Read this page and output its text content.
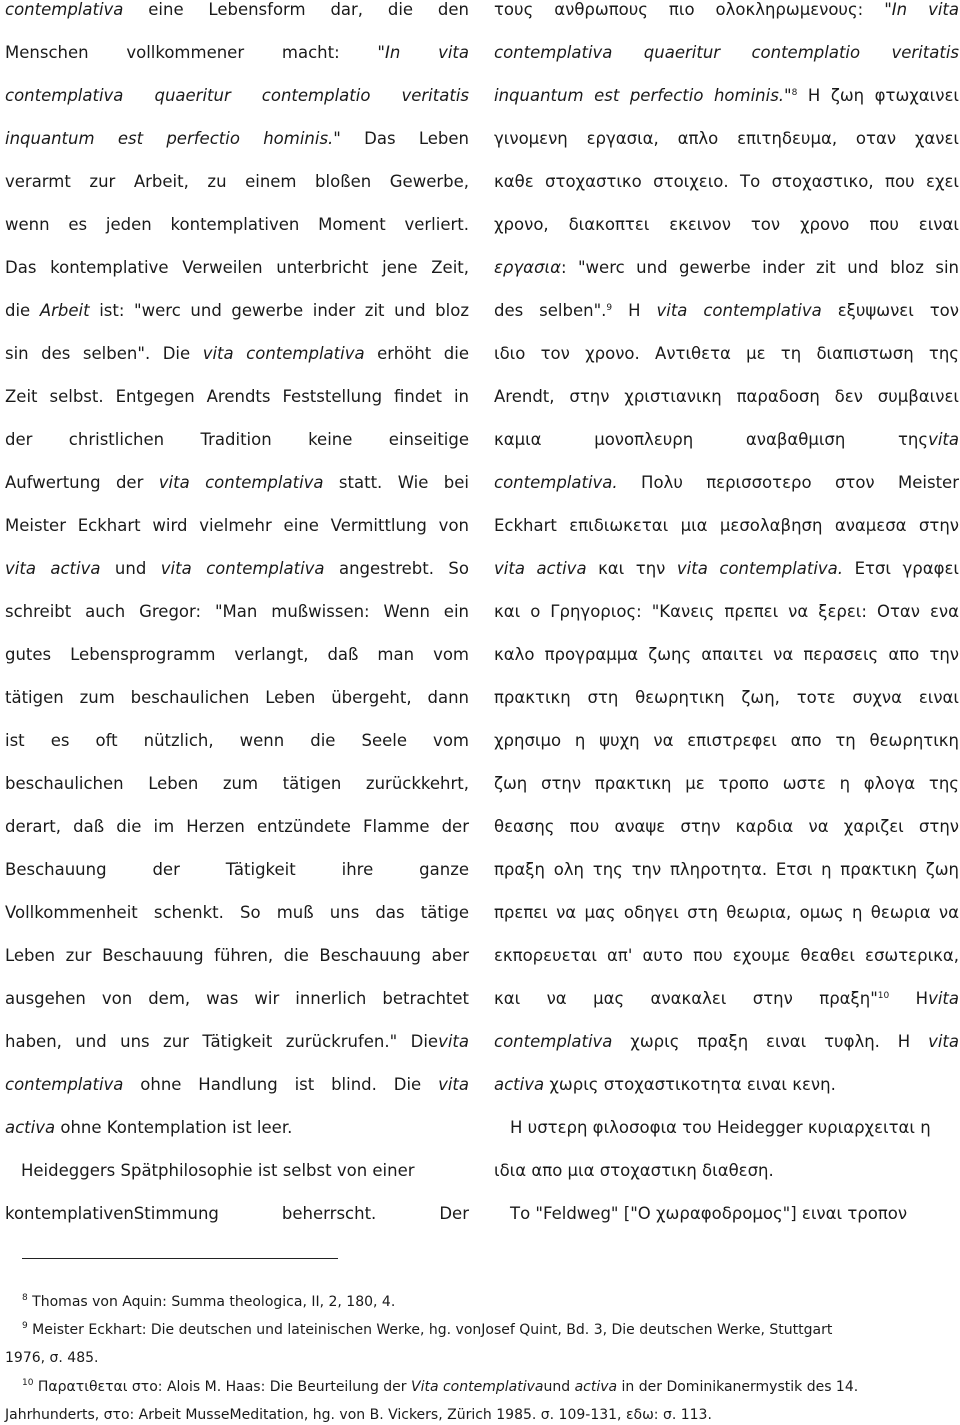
contemplativa eine Lebensform dar, die den
Menschen vollkommener macht: "In vita
contemplativa quaeritur contemplatio veritatis
inquantum est perfectio hominis." Das Leben
verarmt zur Arbeit, zu einem bloßen Gewerbe,
wenn es jeden kontemplativen Moment verliert.
Das kontemplative Verweilen unterbricht jene Zeit,
die Arbeit ist: "werc und gewerbe inder zit und bloz
sin des selben". Die vita contemplativa erhöht die
Zeit selbst. Entgegen Arendts Feststellung findet in
der christlichen Tradition keine einseitige
Aufwertung der vita contemplativa statt. Wie bei
Meister Eckhart wird vielmehr eine Vermittlung von
vita activa und vita contemplativa angestrebt. So
schreibt auch Gregor: "Man mußwissen: Wenn ein
gutes Lebensprogramm verlangt, daß man vom
tätigen zum beschaulichen Leben übergeht, dann
ist es oft nützlich, wenn die Seele vom
beschaulichen Leben zum tätigen zurückkehrt,
derart, daß die im Herzen entzündete Flamme der
Beschauung der Tätigkeit ihre ganze
Vollkommenheit schenkt. So muß uns das tätige
Leben zur Beschauung führen, die Beschauung aber
ausgehen von dem, was wir innerlich betrachtet
haben, und uns zur Tätigkeit zurückrufen." Dievita
contemplativa ohne Handlung ist blind. Die vita
activa ohne Kontemplation ist leer.
Heideggers Spätphilosophie ist selbst von einer
kontemplativenStimmung beherrscht. Der
τους ανθρωπους πιο ολοκληρωμενους: "In vita
contemplativa quaeritur contemplatio veritatis
inquantum est perfectio hominis."$^8$ Η ζωη φτωχαινει
γινομενη εργασια, απλο επιτηδευμα, οταν χανει
καθε στοχαστικο στοιχειο. Το στοχαστικο, που εχει
χρονο, διακοπτει εκεινον τον χρονο που ειναι
εργασια: "werc und gewerbe inder zit und bloz sin
des selben".$^9$ Η vita contemplativa εξυψωνει τον
ιδιο τον χρονο. Αντιθετα με τη διαπιστωση της
Arendt, στην χριστιανικη παραδοση δεν συμβαινει
καμια μονοπλευρη αναβαθμιση τηςvita
contemplativa. Πολυ περισσοτερο στον Meister
Eckhart επιδιωκεται μια μεσολαβηση αναμεσα στην
vita activa και την vita contemplativa. Ετσι γραφει
και ο Γρηγοριος: "Κανεις πρεπει να ξερει: Οταν ενα
καλο προγραμμα ζωης απαιτει να περασεις απο την
πρακτικη στη θεωρητικη ζωη, τοτε συχνα ειναι
χρησιμο η ψυχη να επιστρεφει απο τη θεωρητικη
ζωη στην πρακτικη με τροπο ωστε η φλογα της
θεασης που αναψε στην καρδια να χαριζει στην
πραξη ολη της την πληροτητα. Ετσι η πρακτικη ζωη
πρεπει να μας οδηγει στη θεωρια, ομως η θεωρια να
εκπορευεται απ' αυτο που εχουμε θεαθει εσωτερικα,
και να μας ανακαλει στην πραξη"$^{10}$ Ηvita
contemplativa χωρις πραξη ειναι τυφλη. Η vita
activa χωρις στοχαστικοτητα ειναι κενη.
Η υστερη φιλοσοφια του Heidegger κυριαρχειται η
ιδια απο μια στοχαστικη διαθεση.
Το "Feldweg" ["Ο χωραφοδρομος"] ειναι τροπον
$^8$ Thomas von Aquin: Summa theologica, II, 2, 180, 4.
$^9$ Meister Eckhart: Die deutschen und lateinischen Werke, hg. vonJosef Quint, Bd. 3, Die deutschen Werke, Stuttgart
1976, σ. 485.
$^{10}$ Παρατιθεται στο: Alois M. Haas: Die Beurteilung der Vita contemplativaund activa in der Dominikanermystik des 14.
Jahrhunderts, στο: Arbeit MusseMeditation, hg. von B. Vickers, Zürich 1985. σ. 109-131, εδω: σ. 113.
